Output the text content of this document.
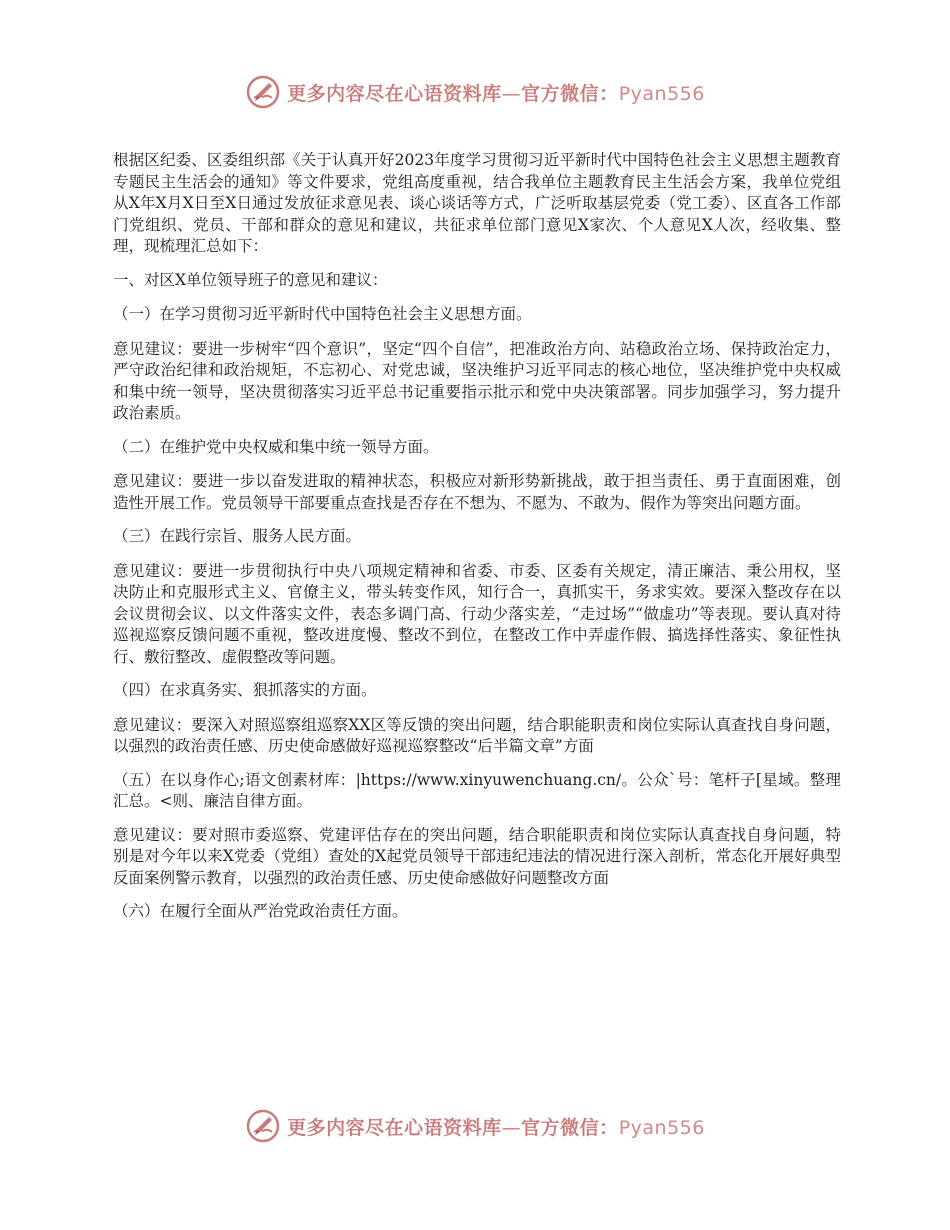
更多内容尽在心语资料库—官方微信：Pyan556

根据区纪委、区委组织部《关于认真开好2023年度学习贯彻习近平新时代中国特色社会主义思想主题教育专题民主生活会的通知》等文件要求，党组高度重视，结合我单位主题教育民主生活会方案，我单位党组从X年X月X日至X日通过发放征求意见表、谈心谈话等方式，广泛听取基层党委（党工委）、区直各工作部门党组织、党员、干部和群众的意见和建议，共征求单位部门意见X家次、个人意见X人次，经收集、整理，现梳理汇总如下：

一、对区X单位领导班子的意见和建议：

（一）在学习贯彻习近平新时代中国特色社会主义思想方面。

意见建议：要进一步树牢“四个意识”，坚定“四个自信”，把准政治方向、站稳政治立场、保持政治定力，严守政治纪律和政治规矩，不忘初心、对党忠诚，坚决维护习近平同志的核心地位，坚决维护党中央权威和集中统一领导，坚决贯彻落实习近平总书记重要指示批示和党中央决策部署。同步加强学习，努力提升政治素质。

（二）在维护党中央权威和集中统一领导方面。

意见建议：要进一步以奋发进取的精神状态，积极应对新形势新挑战，敢于担当责任、勇于直面困难，创造性开展工作。党员领导干部要重点查找是否存在不想为、不愿为、不敢为、假作为等突出问题方面。

（三）在践行宗旨、服务人民方面。

意见建议：要进一步贯彻执行中央八项规定精神和省委、市委、区委有关规定，清正廉洁、秉公用权，坚决防止和克服形式主义、官僚主义，带头转变作风，知行合一，真抓实干，务求实效。要深入整改存在以会议贯彻会议、以文件落实文件，表态多调门高、行动少落实差，“走过场”“做虚功”等表现。要认真对待巡视巡察反馈问题不重视，整改进度慢、整改不到位，在整改工作中弄虚作假、搞选择性落实、象征性执行、敷衍整改、虚假整改等问题。

（四）在求真务实、狠抓落实的方面。

意见建议：要深入对照巡察组巡察XX区等反馈的突出问题，结合职能职责和岗位实际认真查找自身问题，以强烈的政治责任感、历史使命感做好巡视巡察整改“后半篇文章”方面

（五）在以身作心;语文创素材库：|https://www.xinyuwenchuang.cn/。公众`号：笔杆子[星域。整理汇总。<则、廉洁自律方面。

意见建议：要对照市委巡察、党建评估存在的突出问题，结合职能职责和岗位实际认真查找自身问题，特别是对今年以来X党委（党组）查处的X起党员领导干部违纪违法的情况进行深入剖析，常态化开展好典型反面案例警示教育，以强烈的政治责任感、历史使命感做好问题整改方面

（六）在履行全面从严治党政治责任方面。

更多内容尽在心语资料库—官方微信：Pyan556
